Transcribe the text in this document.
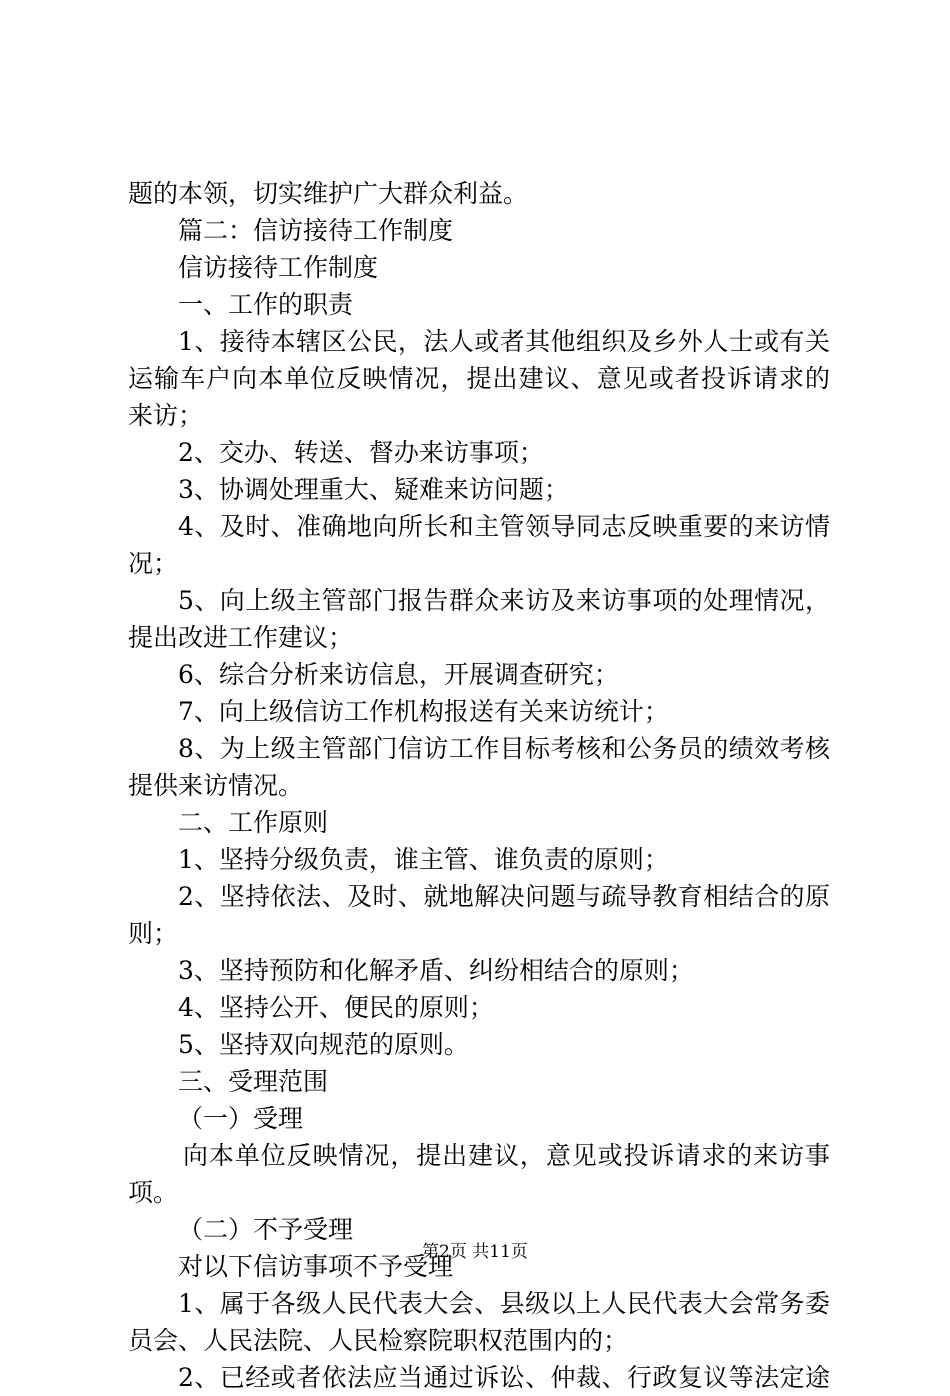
题的本领，切实维护广大群众利益。
篇二：信访接待工作制度
信访接待工作制度
一、工作的职责
1、接待本辖区公民，法人或者其他组织及乡外人士或有关
运输车户向本单位反映情况，提出建议、意见或者投诉请求的
来访；
2、交办、转送、督办来访事项；
3、协调处理重大、疑难来访问题；
4、及时、准确地向所长和主管领导同志反映重要的来访情
况；
5、向上级主管部门报告群众来访及来访事项的处理情况，
提出改进工作建议；
6、综合分析来访信息，开展调查研究；
7、向上级信访工作机构报送有关来访统计；
8、为上级主管部门信访工作目标考核和公务员的绩效考核
提供来访情况。
二、工作原则
1、坚持分级负责，谁主管、谁负责的原则；
2、坚持依法、及时、就地解决问题与疏导教育相结合的原
则；
3、坚持预防和化解矛盾、纠纷相结合的原则；
4、坚持公开、便民的原则；
5、坚持双向规范的原则。
三、受理范围
（一）受理
向本单位反映情况，提出建议，意见或投诉请求的来访事
项。
（二）不予受理
对以下信访事项不予受理
1、属于各级人民代表大会、县级以上人民代表大会常务委
员会、人民法院、人民检察院职权范围内的；
2、已经或者依法应当通过诉讼、仲裁、行政复议等法定途
第2页 共11页
